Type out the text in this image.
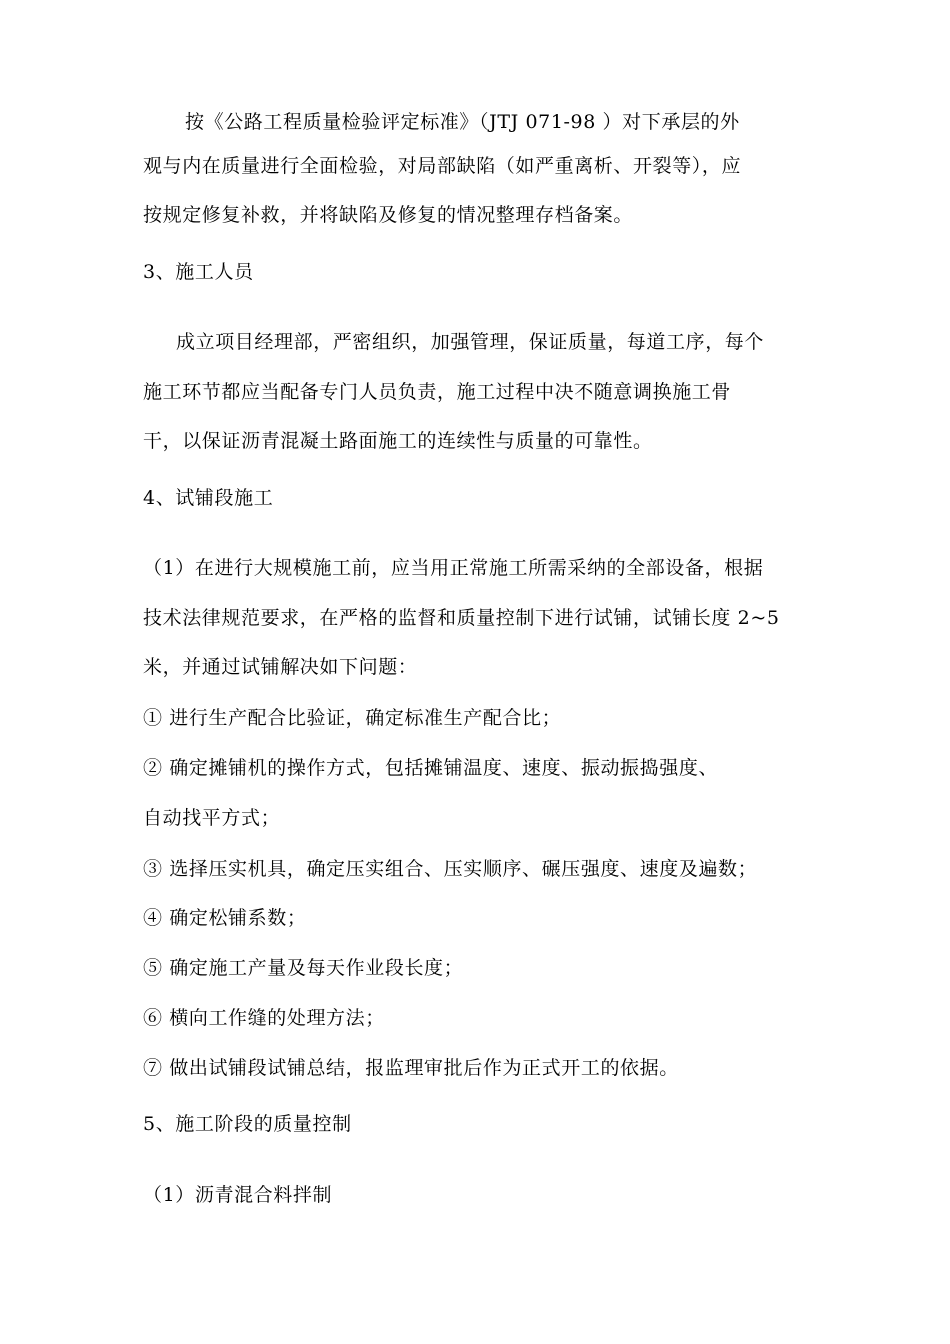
按《公路工程质量检验评定标准》（JTJ 071-98 ）对下承层的外
观与内在质量进行全面检验，对局部缺陷（如严重离析、开裂等），应
按规定修复补救，并将缺陷及修复的情况整理存档备案。
3、施工人员
成立项目经理部，严密组织，加强管理，保证质量，每道工序，每个
施工环节都应当配备专门人员负责，施工过程中决不随意调换施工骨
干，以保证沥青混凝土路面施工的连续性与质量的可靠性。
4、试铺段施工
（1）在进行大规模施工前，应当用正常施工所需采纳的全部设备，根据
技术法律规范要求，在严格的监督和质量控制下进行试铺，试铺长度 2~5
米，并通过试铺解决如下问题：
① 进行生产配合比验证，确定标准生产配合比；
② 确定摊铺机的操作方式，包括摊铺温度、速度、振动振捣强度、
自动找平方式；
③ 选择压实机具，确定压实组合、压实顺序、碾压强度、速度及遍数；
④ 确定松铺系数；
⑤ 确定施工产量及每天作业段长度；
⑥ 横向工作缝的处理方法；
⑦ 做出试铺段试铺总结，报监理审批后作为正式开工的依据。
5、施工阶段的质量控制
（1）沥青混合料拌制
